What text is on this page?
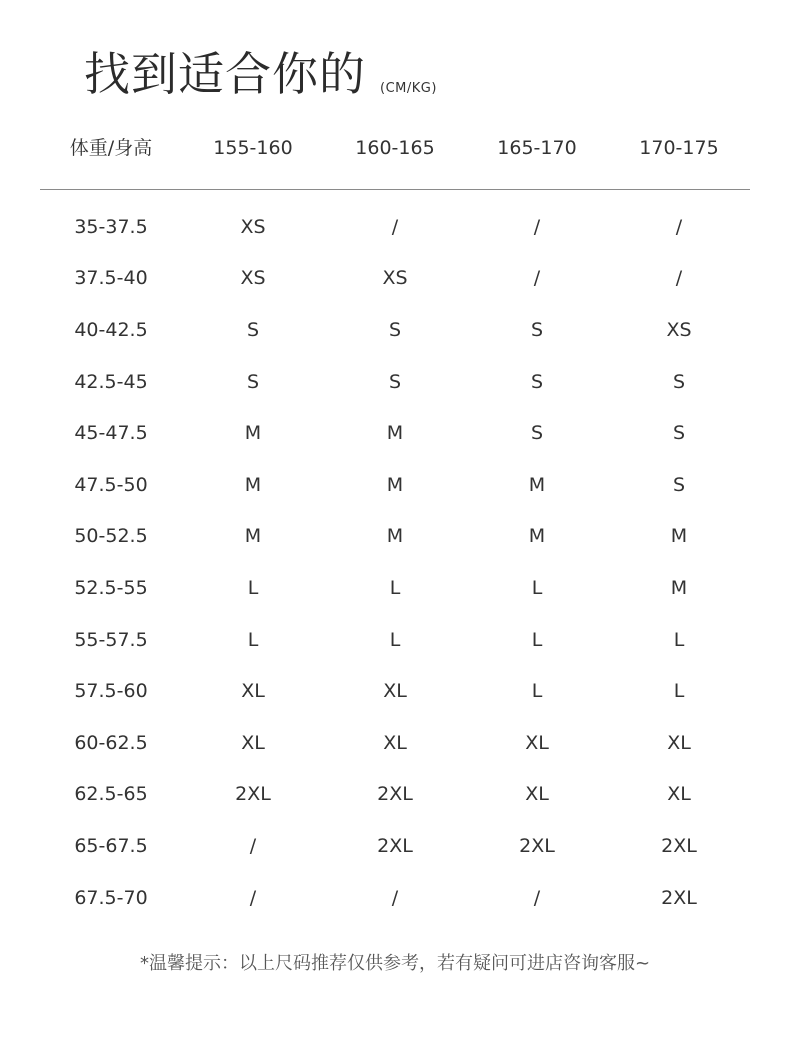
找到适合你的 (CM/KG)
体重/身高	155-160	160-165	165-170	170-175
35-37.5	XS	/	/	/
37.5-40	XS	XS	/	/
40-42.5	S	S	S	XS
42.5-45	S	S	S	S
45-47.5	M	M	S	S
47.5-50	M	M	M	S
50-52.5	M	M	M	M
52.5-55	L	L	L	M
55-57.5	L	L	L	L
57.5-60	XL	XL	L	L
60-62.5	XL	XL	XL	XL
62.5-65	2XL	2XL	XL	XL
65-67.5	/	2XL	2XL	2XL
67.5-70	/	/	/	2XL
*温馨提示：以上尺码推荐仅供参考，若有疑问可进店咨询客服~
